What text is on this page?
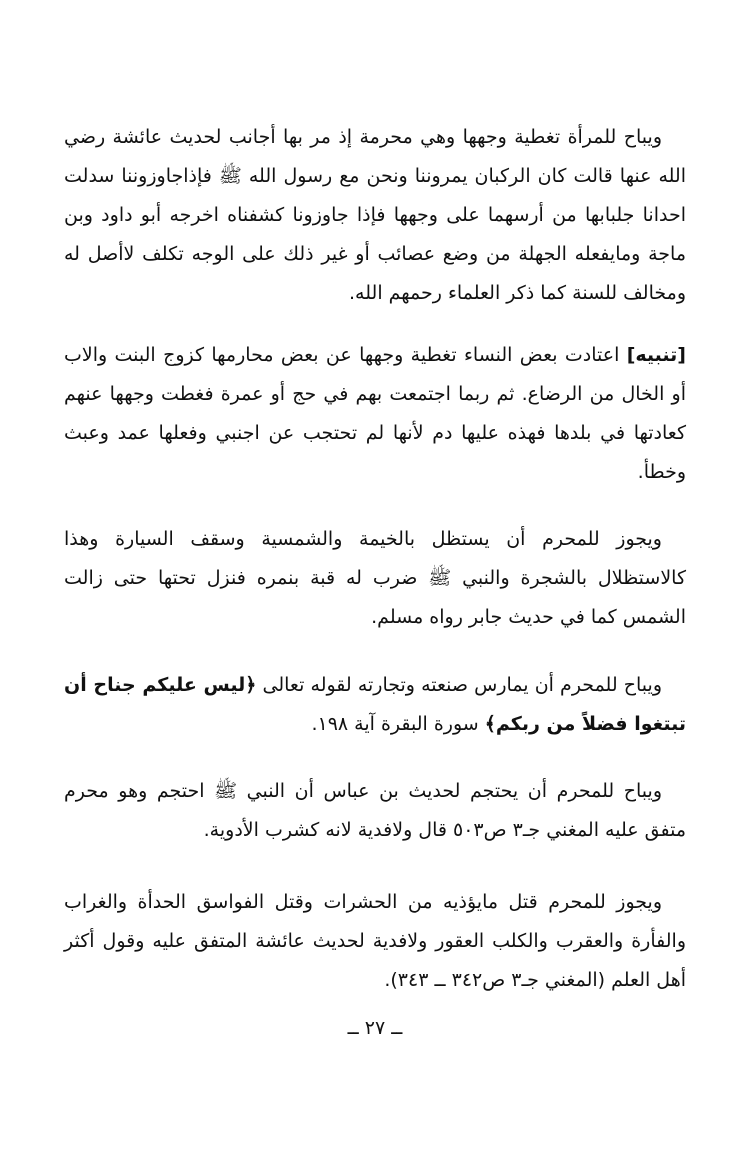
ويباح للمرأة تغطية وجهها وهي محرمة إذ مر بها أجانب لحديث عائشة رضي الله عنها قالت كان الركبان يمروننا ونحن مع رسول الله ﷺ فإذاجاوزوننا سدلت احدانا جلبابها من أرسهما على وجهها فإذا جاوزونا كشفناه اخرجه أبو داود وبن ماجة ومايفعله الجهلة من وضع عصائب أو غير ذلك على الوجه تكلف لاأصل له ومخالف للسنة كما ذكر العلماء رحمهم الله.

[تنبيه] اعتادت بعض النساء تغطية وجهها عن بعض محارمها كزوج البنت والاب أو الخال من الرضاع. ثم ربما اجتمعت بهم في حج أو عمرة فغطت وجهها عنهم كعادتها في بلدها فهذه عليها دم لأنها لم تحتجب عن اجنبي وفعلها عمد وعبث وخطأ.

ويجوز للمحرم أن يستظل بالخيمة والشمسية وسقف السيارة وهذا كالاستظلال بالشجرة والنبي ﷺ ضرب له قبة بنمره فنزل تحتها حتى زالت الشمس كما في حديث جابر رواه مسلم.

ويباح للمحرم أن يمارس صنعته وتجارته لقوله تعالى ﴿ليس عليكم جناح أن تبتغوا فضلاً من ربكم﴾ سورة البقرة آية ١٩٨.

ويباح للمحرم أن يحتجم لحديث بن عباس أن النبي ﷺ احتجم وهو محرم متفق عليه المغني جـ٣ ص٥٠٣ قال ولافدية لانه كشرب الأدوية.

ويجوز للمحرم قتل مايؤذيه من الحشرات وقتل الفواسق الحدأة والغراب والفأرة والعقرب والكلب العقور ولافدية لحديث عائشة المتفق عليه وقول أكثر أهل العلم (المغني جـ٣ ص٣٤٢ ــ ٣٤٣).

ــ ٢٧ ــ
